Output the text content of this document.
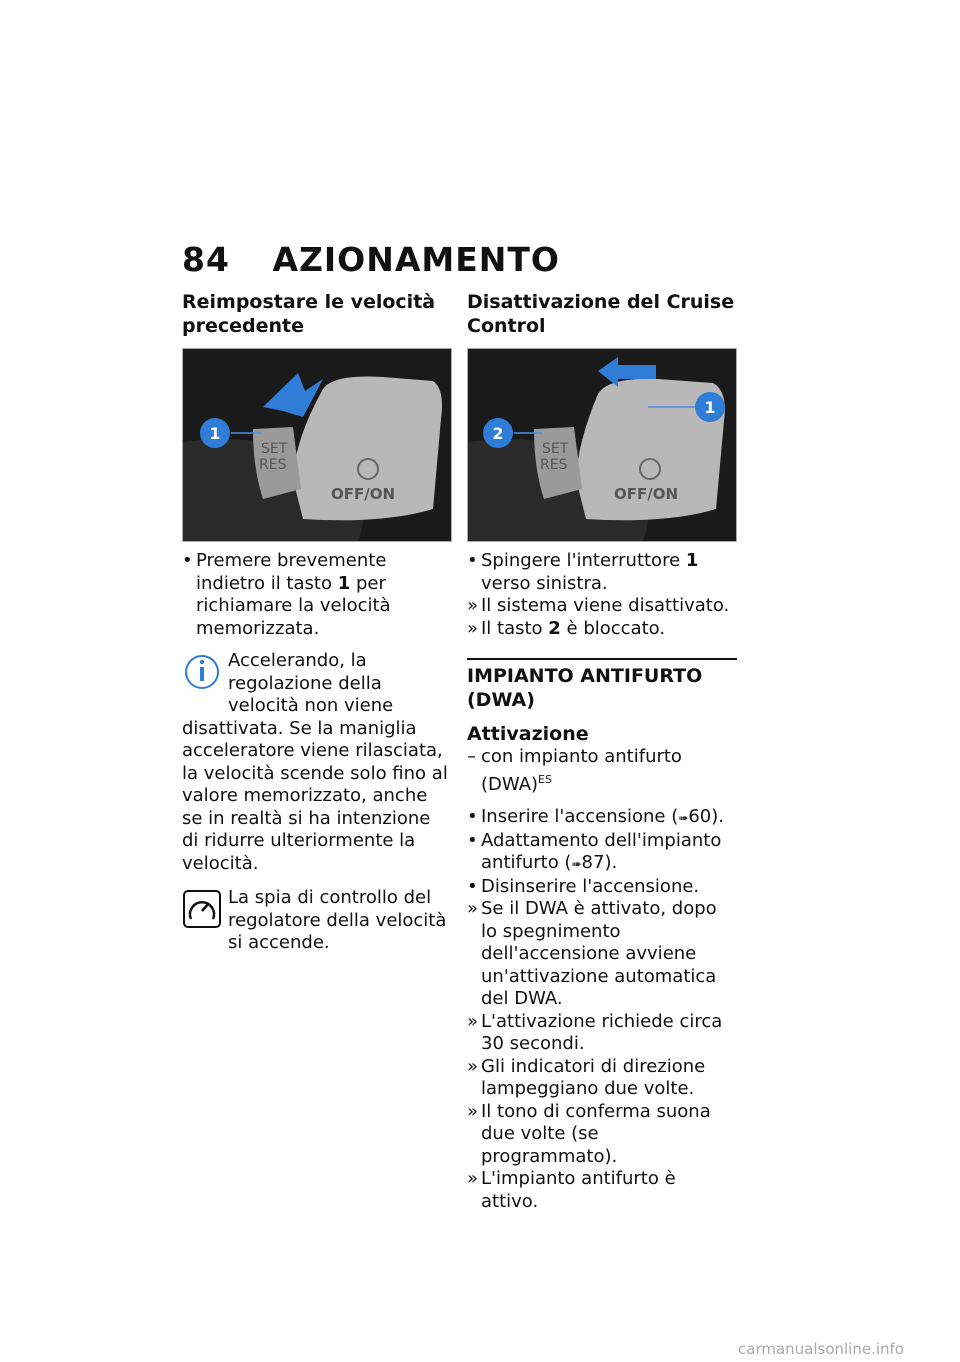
84 AZIONAMENTO
Reimpostare le velocità precedente
SET
RES
OFF/ON
1
• Premere brevemente indietro il tasto 1 per richiamare la velocità memorizzata.
Accelerando, la regolazione della velocità non viene disattivata. Se la maniglia acceleratore viene rilasciata, la velocità scende solo fino al valore memorizzato, anche se in realtà si ha intenzione di ridurre ulteriormente la velocità.
La spia di controllo del regolatore della velocità si accende.
Disattivazione del Cruise Control
SET
RES
OFF/ON
1
2
• Spingere l'interruttore 1 verso sinistra.
» Il sistema viene disattivato.
» Il tasto 2 è bloccato.
IMPIANTO ANTIFURTO (DWA)
Attivazione
– con impianto antifurto (DWA)$^{ES}$
• Inserire l'accensione (➠60).
• Adattamento dell'impianto antifurto (➠87).
• Disinserire l'accensione.
» Se il DWA è attivato, dopo lo spegnimento dell'accensione avviene un'attivazione automatica del DWA.
» L'attivazione richiede circa 30 secondi.
» Gli indicatori di direzione lampeggiano due volte.
» Il tono di conferma suona due volte (se programmato).
» L'impianto antifurto è attivo.
carmanualsonline.info
